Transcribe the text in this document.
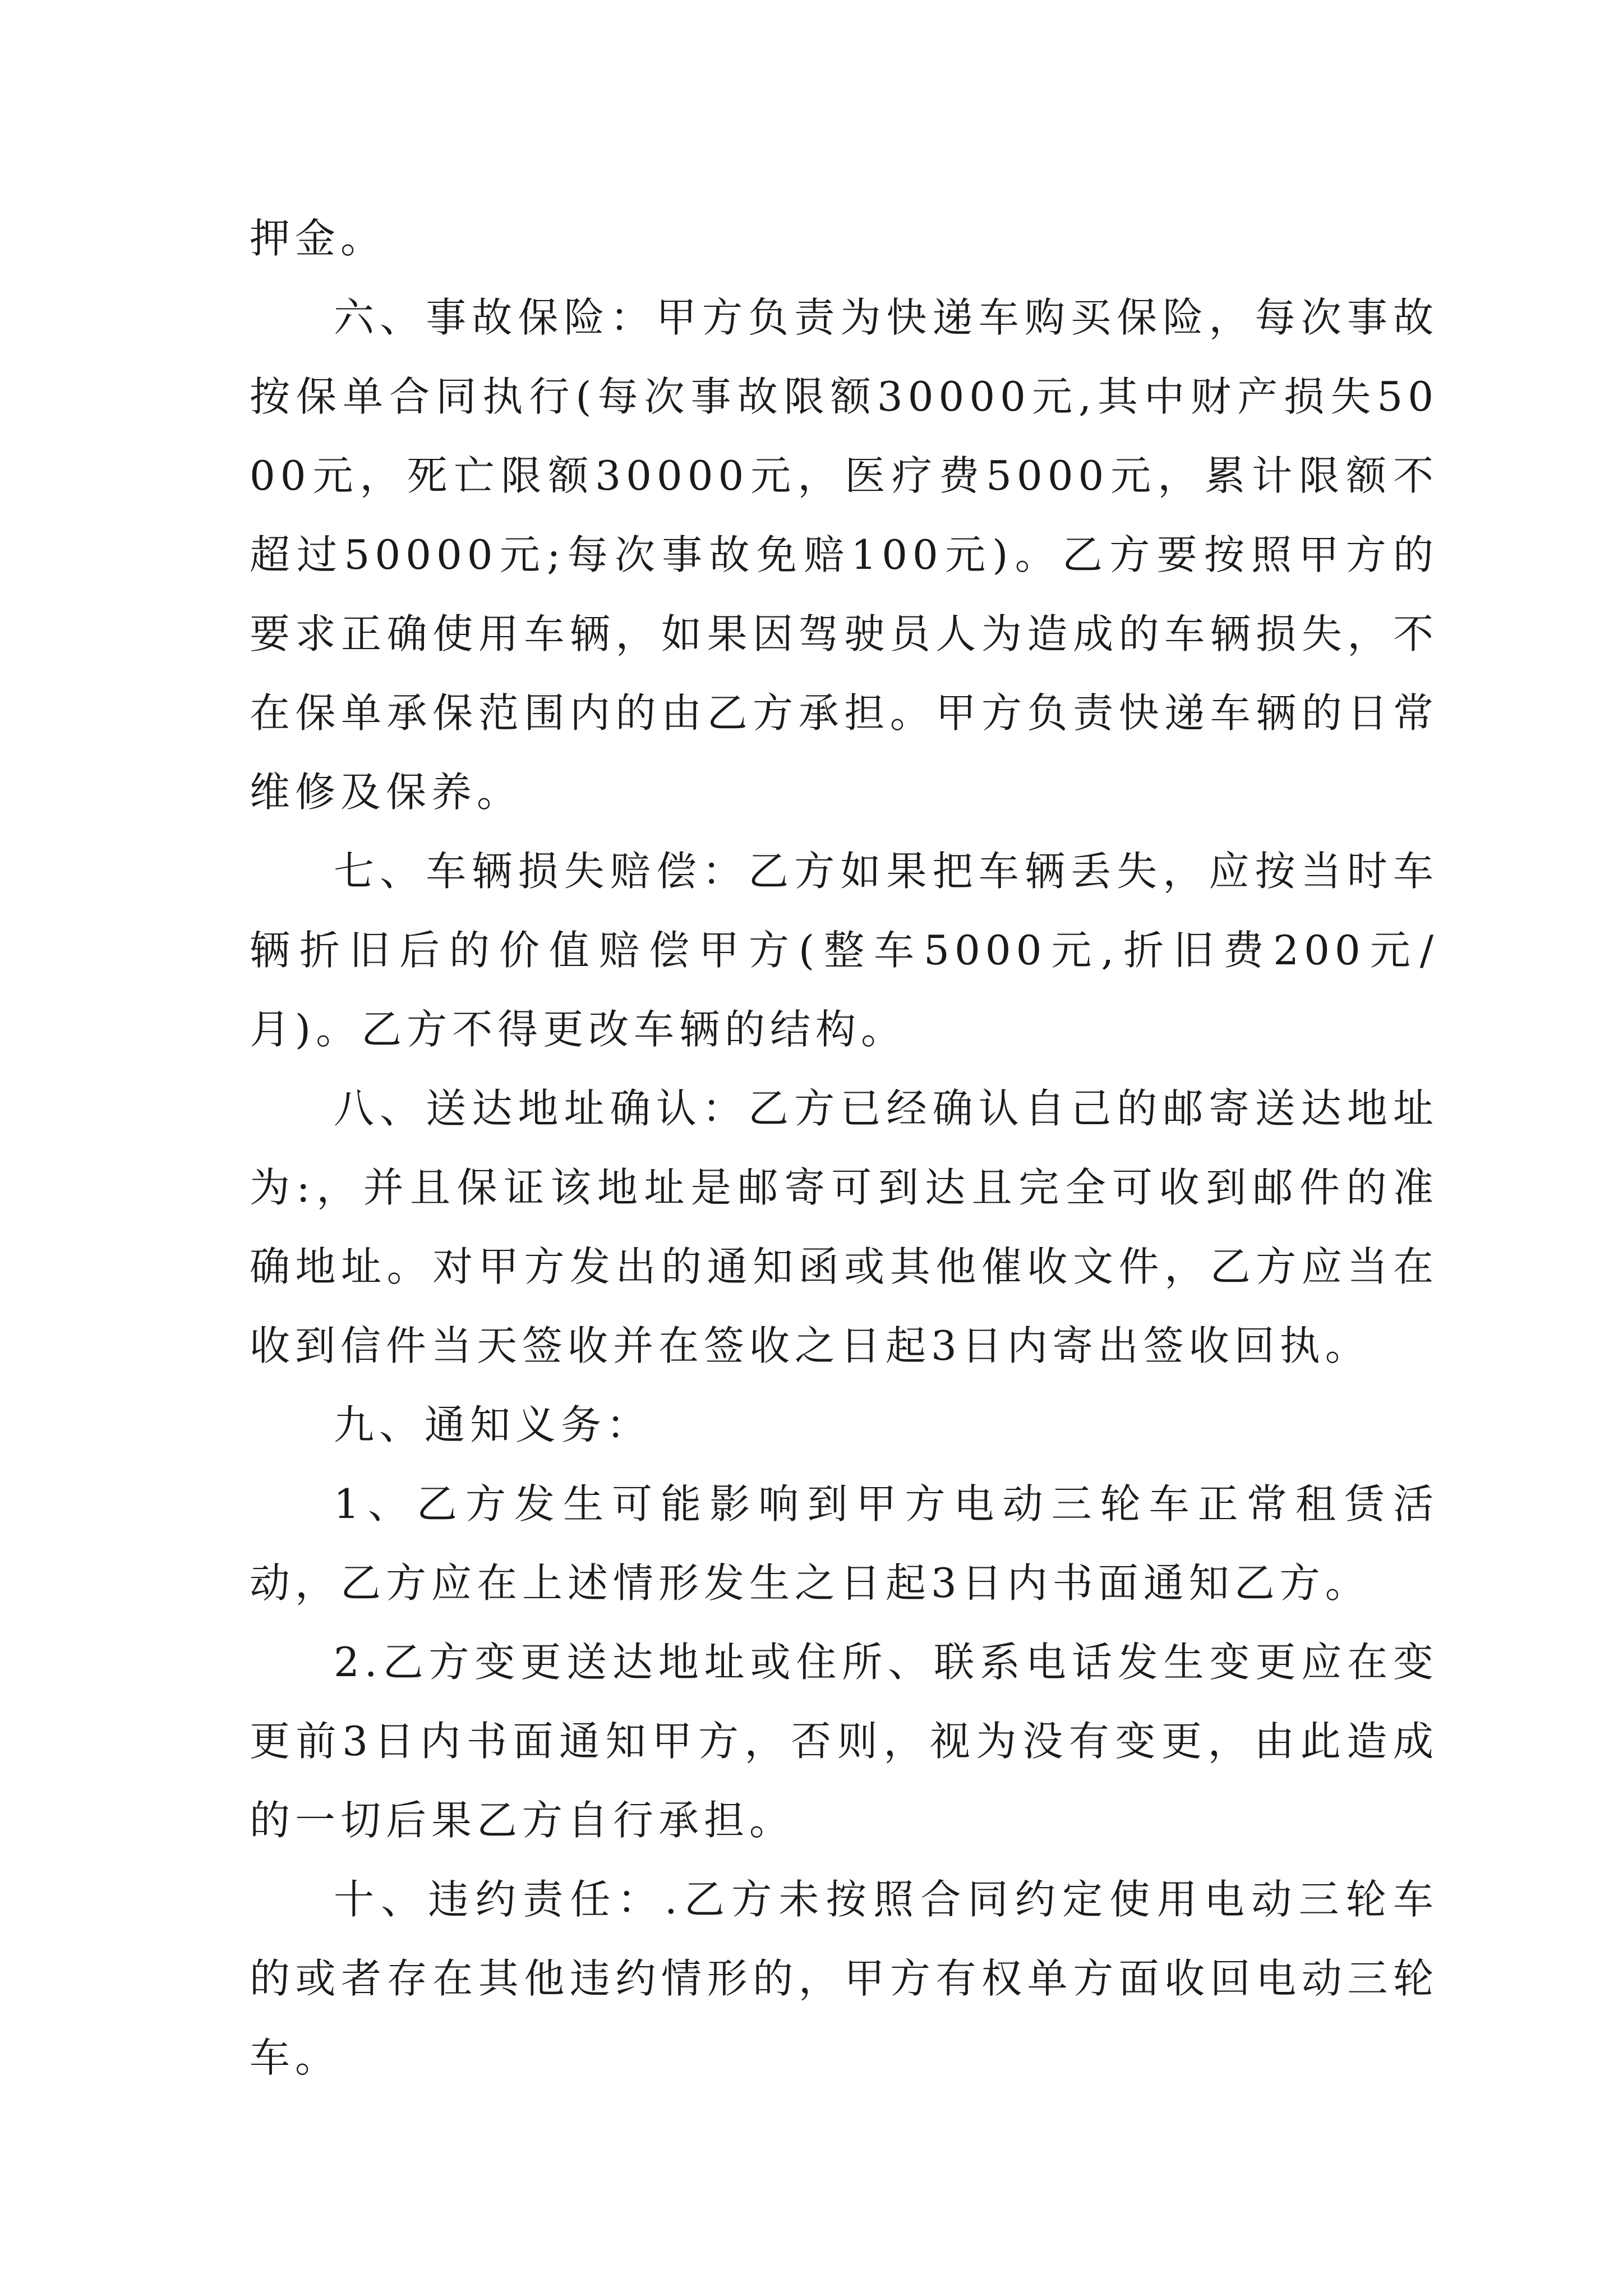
押金。

六、事故保险：甲方负责为快递车购买保险，每次事故按保单合同执行(每次事故限额30000元,其中财产损失5000元，死亡限额30000元，医疗费5000元，累计限额不超过50000元;每次事故免赔100元)。乙方要按照甲方的要求正确使用车辆，如果因驾驶员人为造成的车辆损失，不在保单承保范围内的由乙方承担。甲方负责快递车辆的日常维修及保养。

七、车辆损失赔偿：乙方如果把车辆丢失，应按当时车辆折旧后的价值赔偿甲方(整车5000元,折旧费200元/月)。乙方不得更改车辆的结构。

八、送达地址确认：乙方已经确认自己的邮寄送达地址为:，并且保证该地址是邮寄可到达且完全可收到邮件的准确地址。对甲方发出的通知函或其他催收文件，乙方应当在收到信件当天签收并在签收之日起3日内寄出签收回执。

九、通知义务：

1、乙方发生可能影响到甲方电动三轮车正常租赁活动，乙方应在上述情形发生之日起3日内书面通知乙方。

2.乙方变更送达地址或住所、联系电话发生变更应在变更前3日内书面通知甲方，否则，视为没有变更，由此造成的一切后果乙方自行承担。

十、违约责任：.乙方未按照合同约定使用电动三轮车的或者存在其他违约情形的，甲方有权单方面收回电动三轮车。
